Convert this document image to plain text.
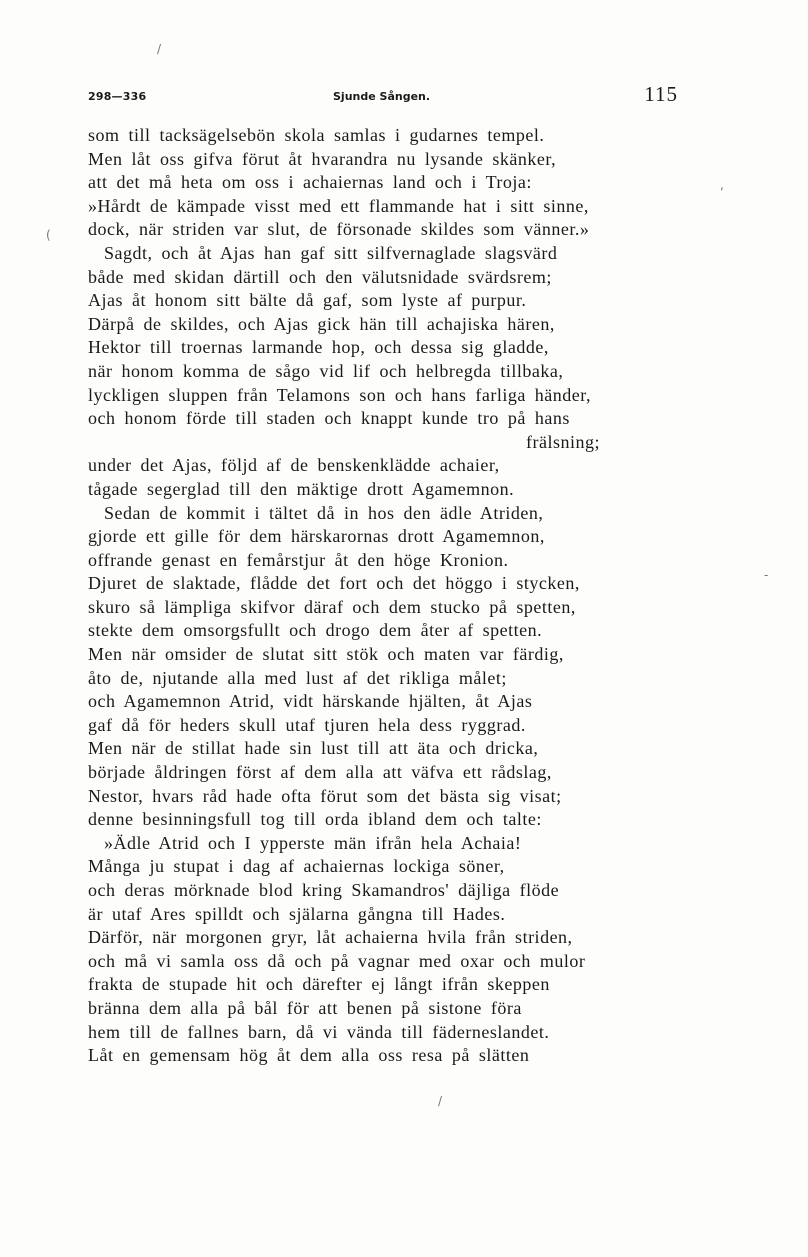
298—336	Sjunde Sången.	115
som till tacksägelsebön skola samlas i gudarnes tempel.
Men låt oss gifva förut åt hvarandra nu lysande skänker,
att det må heta om oss i achaiernas land och i Troja:
»Hårdt de kämpade visst med ett flammande hat i sitt sinne,
dock, när striden var slut, de försonade skildes som vänner.»
Sagdt, och åt Ajas han gaf sitt silfvernaglade slagsvärd
både med skidan därtill och den välutsnidade svärdsrem;
Ajas åt honom sitt bälte då gaf, som lyste af purpur.
Därpå de skildes, och Ajas gick hän till achajiska hären,
Hektor till troernas larmande hop, och dessa sig gladde,
när honom komma de sågo vid lif och helbregda tillbaka,
lyckligen sluppen från Telamons son och hans farliga händer,
och honom förde till staden och knappt kunde tro på hans
frälsning;
under det Ajas, följd af de benskenklädde achaier,
tågade segerglad till den mäktige drott Agamemnon.
Sedan de kommit i tältet då in hos den ädle Atriden,
gjorde ett gille för dem härskarornas drott Agamemnon,
offrande genast en femårstjur åt den höge Kronion.
Djuret de slaktade, flådde det fort och det höggo i stycken,
skuro så lämpliga skifvor däraf och dem stucko på spetten,
stekte dem omsorgsfullt och drogo dem åter af spetten.
Men när omsider de slutat sitt stök och maten var färdig,
åto de, njutande alla med lust af det rikliga målet;
och Agamemnon Atrid, vidt härskande hjälten, åt Ajas
gaf då för heders skull utaf tjuren hela dess ryggrad.
Men när de stillat hade sin lust till att äta och dricka,
började åldringen först af dem alla att väfva ett rådslag,
Nestor, hvars råd hade ofta förut som det bästa sig visat;
denne besinningsfull tog till orda ibland dem och talte:
»Ädle Atrid och I ypperste män ifrån hela Achaia!
Många ju stupat i dag af achaiernas lockiga söner,
och deras mörknade blod kring Skamandros' däjliga flöde
är utaf Ares spilldt och själarna gångna till Hades.
Därför, när morgonen gryr, låt achaierna hvila från striden,
och må vi samla oss då och på vagnar med oxar och mulor
frakta de stupade hit och därefter ej långt ifrån skeppen
bränna dem alla på bål för att benen på sistone föra
hem till de fallnes barn, då vi vända till fäderneslandet.
Låt en gemensam hög åt dem alla oss resa på slätten
/
(
,
-
/
